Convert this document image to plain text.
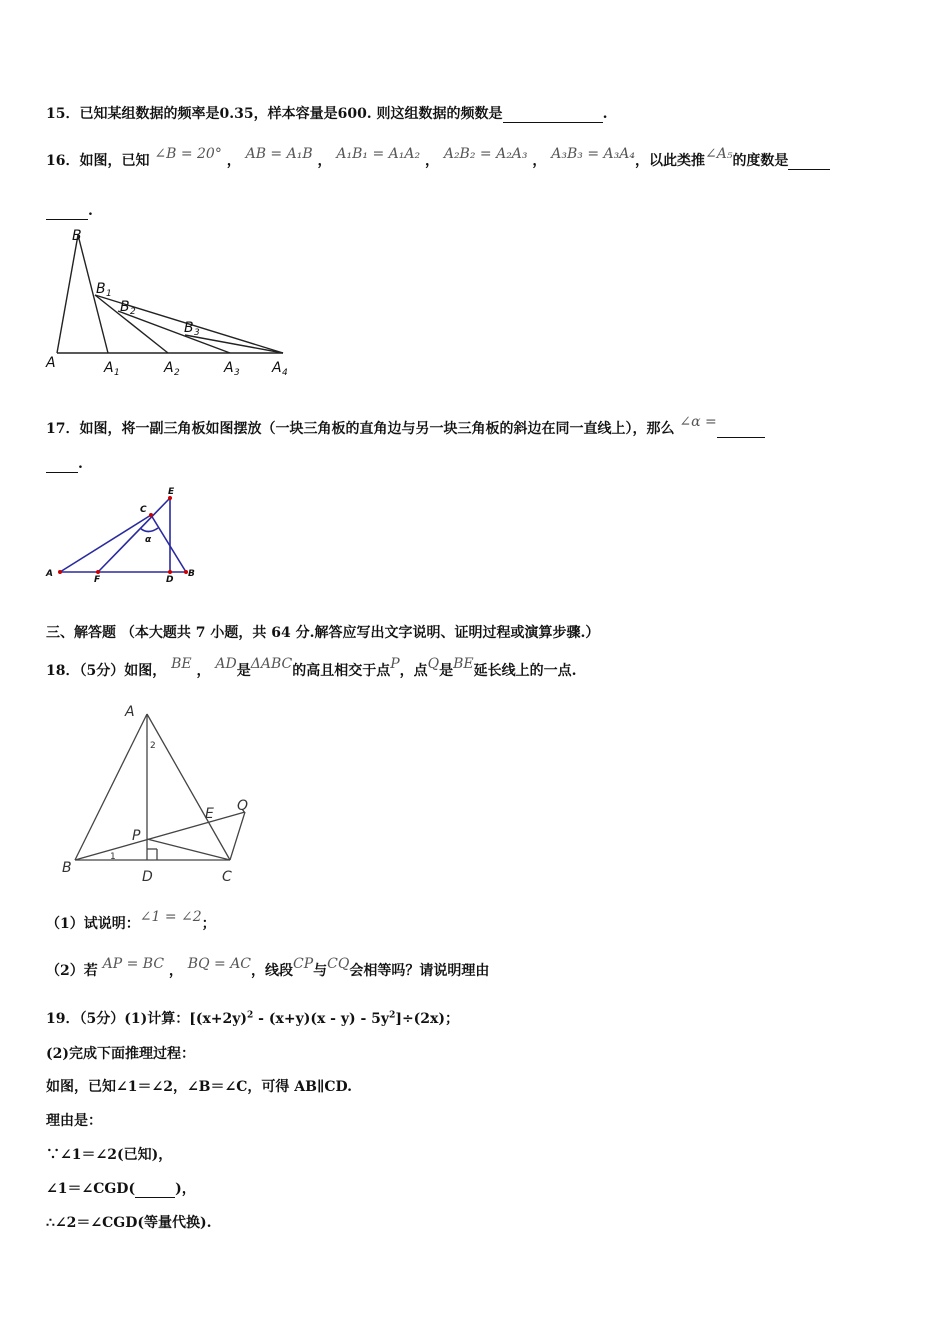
15．已知某组数据的频率是0.35，样本容量是600. 则这组数据的频数是	.
16．如图，已知 ∠B = 20° ， AB = A₁B ， A₁B₁ = A₁A₂ ， A₂B₂ = A₂A₃ ， A₃B₃ = A₃A₄，以此类推∠A₅的度数是
.
B
B 1
B 2
B 3
A	A 1	A 2	A 3 A 4
17．如图，将一副三角板如图摆放（一块三角板的直角边与另一块三角板的斜边在同一直线上），那么 ∠α =
.
A
F	D
B
C
E
α
三、解答题 （本大题共 7 小题，共 64 分.解答应写出文字说明、证明过程或演算步骤.）
18．（5分）如图， BE ， AD是ΔABC的高且相交于点P，点Q是BE延长线上的一点.
A
B
C
D
E
P
Q
1
2
（1）试说明：∠1 = ∠2；
（2）若 AP = BC ， BQ = AC，线段CP与CQ会相等吗？请说明理由
19．（5分）(1)计算：$[(x+2y)^2 - (x+y)(x - y) - 5y^2]\div(2x)$；
(2)完成下面推理过程：
如图，已知∠1＝∠2，∠B＝∠C，可得 AB∥CD.
理由是：
∵∠1＝∠2(已知)，
∠1＝∠CGD(	)，
∴∠2＝∠CGD(等量代换).
